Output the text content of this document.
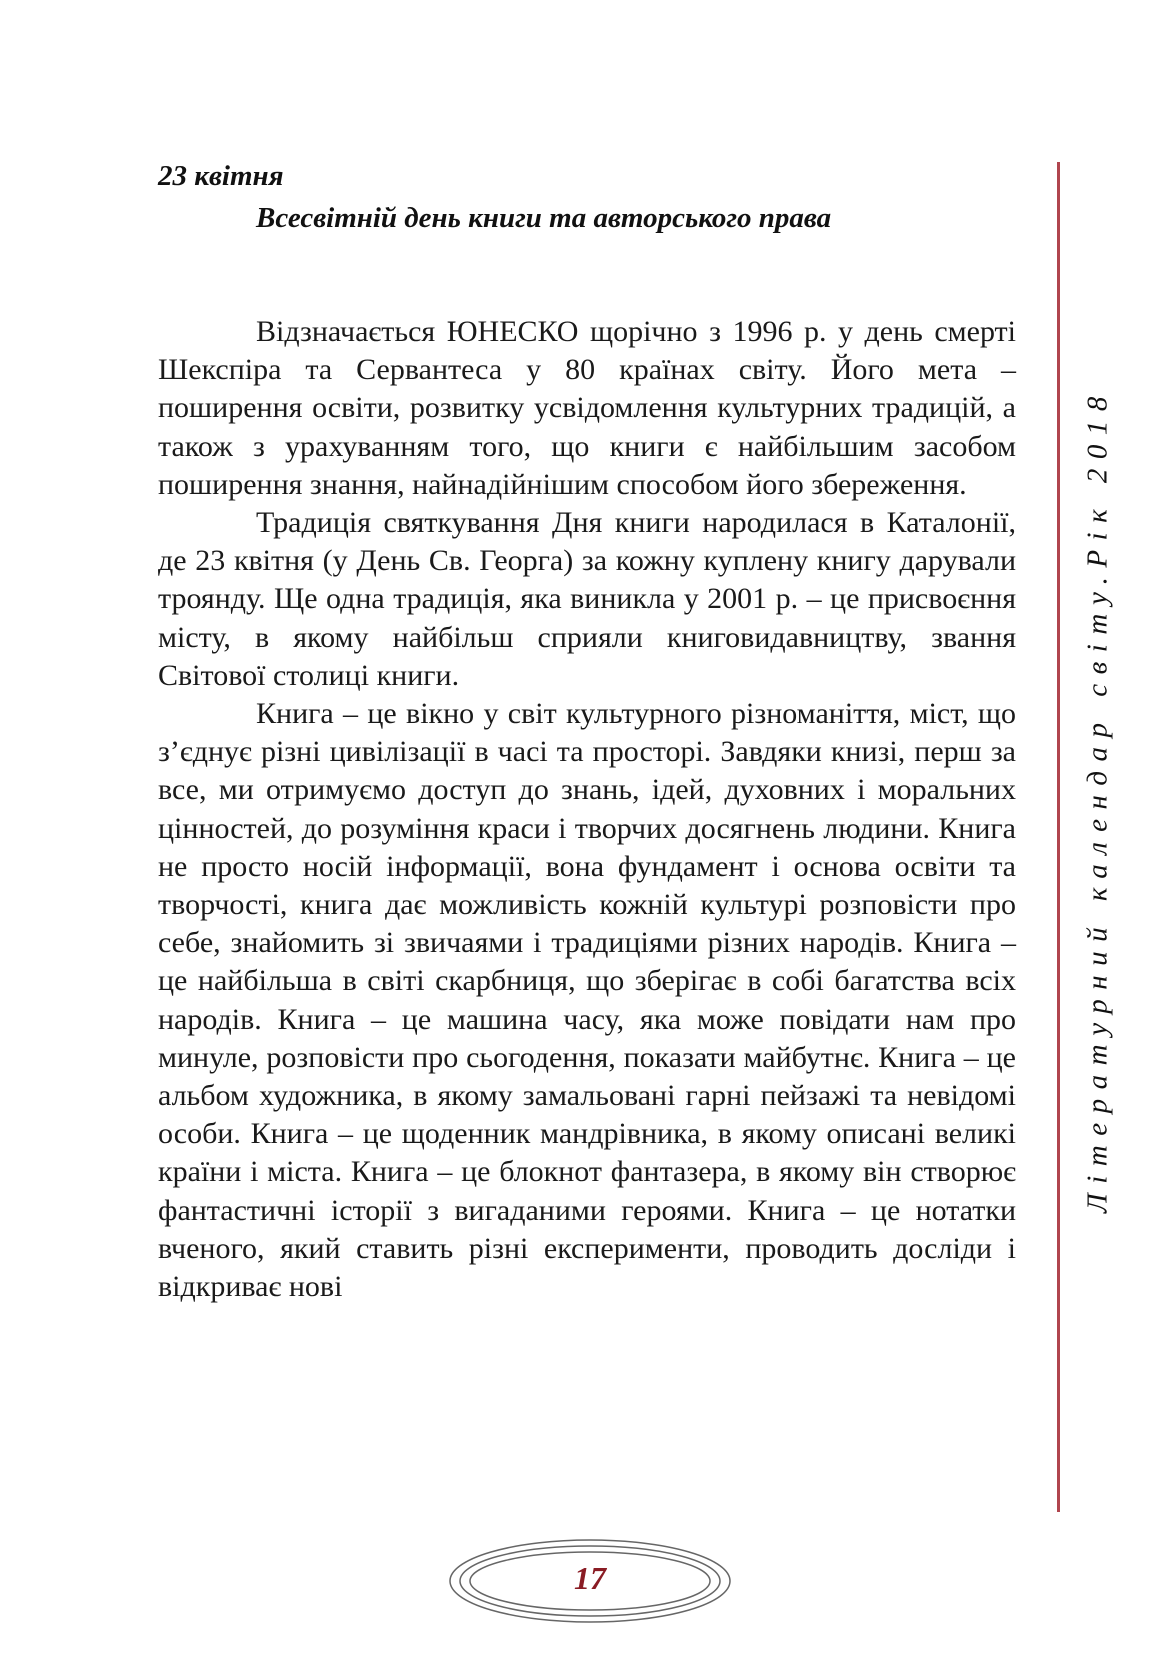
23 квітня
Всесвітній день книги та авторського права

Відзначається ЮНЕСКО щорічно з 1996 р. у день смерті Шекспіра та Сервантеса у 80 країнах світу. Його мета – поширення освіти, розвитку усвідомлення культурних традицій, а також з урахуванням того, що книги є найбільшим засобом поширення знання, найнадійнішим способом його збереження.

Традиція святкування Дня книги народилася в Каталонії, де 23 квітня (у День Св. Георга) за кожну куплену книгу дарували троянду. Ще одна традиція, яка виникла у 2001 р. – це присвоєння місту, в якому найбільш сприяли книговидавництву, звання Світової столиці книги.

Книга – це вікно у світ культурного різноманіття, міст, що з’єднує різні цивілізації в часі та просторі. Завдяки книзі, перш за все, ми отримуємо доступ до знань, ідей, духовних і моральних цінностей, до розуміння краси і творчих досягнень людини. Книга не просто носій інформації, вона фундамент і основа освіти та творчості, книга дає можливість кожній культурі розповісти про себе, знайомить зі звичаями і традиціями різних народів. Книга – це найбільша в світі скарбниця, що зберігає в собі багатства всіх народів. Книга – це машина часу, яка може повідати нам про минуле, розповісти про сьогодення, показати майбутнє. Книга – це альбом художника, в якому замальовані гарні пейзажі та невідомі особи. Книга – це щоденник мандрівника, в якому описані великі країни і міста. Книга – це блокнот фантазера, в якому він створює фантастичні історії з вигаданими героями. Книга – це нотатки вченого, який ставить різні експерименти, проводить досліди і відкриває нові

Літературний календар світу.Рік 2018
17
